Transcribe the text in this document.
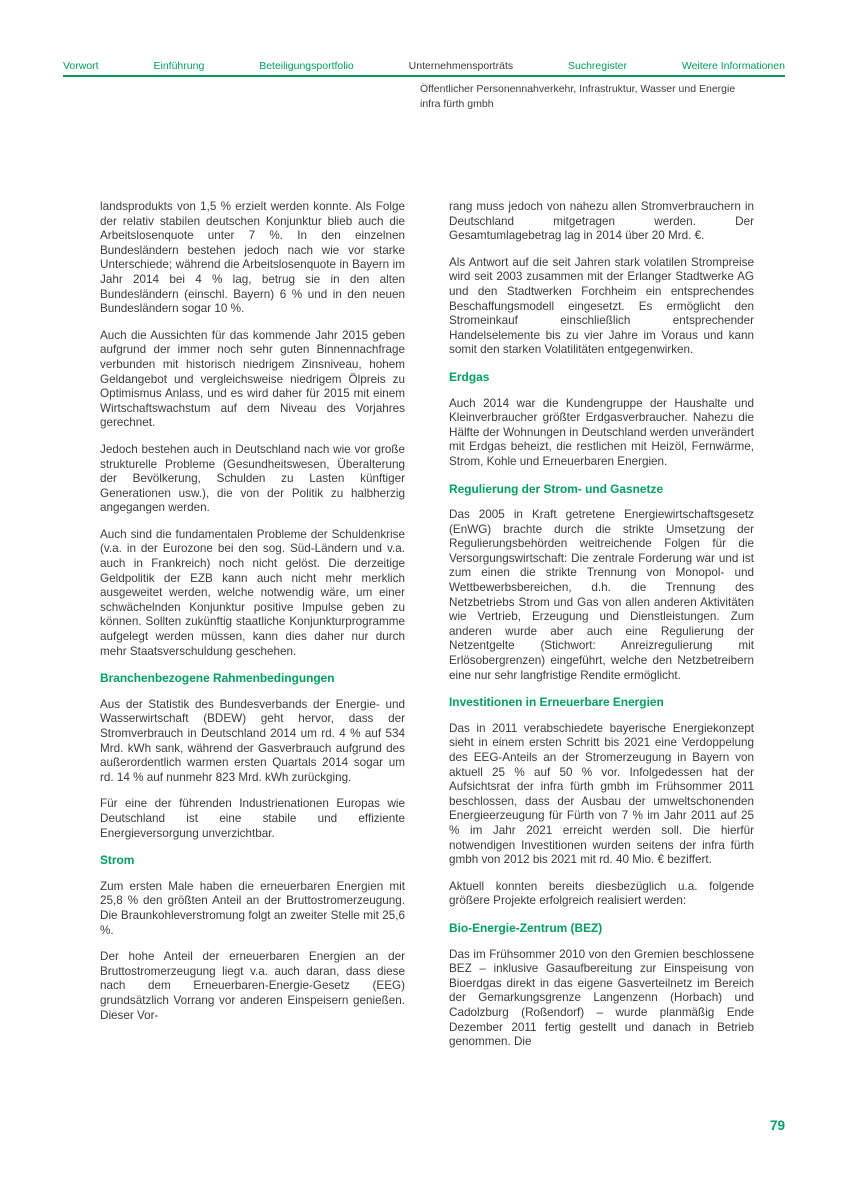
Vorwort	Einführung	Beteiligungsportfolio	Unternehmensporträts	Suchregister	Weitere Informationen
Öffentlicher Personennahverkehr, Infrastruktur, Wasser und Energie
infra fürth gmbh

landsprodukts von 1,5 % erzielt werden konnte. Als Folge der relativ stabilen deutschen Konjunktur blieb auch die Arbeitslosenquote unter 7 %. In den einzelnen Bundesländern bestehen jedoch nach wie vor starke Unterschiede; während die Arbeitslosenquote in Bayern im Jahr 2014 bei 4 % lag, betrug sie in den alten Bundesländern (einschl. Bayern) 6 % und in den neuen Bundesländern sogar 10 %.

Auch die Aussichten für das kommende Jahr 2015 geben aufgrund der immer noch sehr guten Binnennachfrage verbunden mit historisch niedrigem Zinsniveau, hohem Geldangebot und vergleichsweise niedrigem Ölpreis zu Optimismus Anlass, und es wird daher für 2015 mit einem Wirtschaftswachstum auf dem Niveau des Vorjahres gerechnet.

Jedoch bestehen auch in Deutschland nach wie vor große strukturelle Probleme (Gesundheitswesen, Überalterung der Bevölkerung, Schulden zu Lasten künftiger Generationen usw.), die von der Politik zu halbherzig angegangen werden.

Auch sind die fundamentalen Probleme der Schuldenkrise (v.a. in der Eurozone bei den sog. Süd-Ländern und v.a. auch in Frankreich) noch nicht gelöst. Die derzeitige Geldpolitik der EZB kann auch nicht mehr merklich ausgeweitet werden, welche notwendig wäre, um einer schwächelnden Konjunktur positive Impulse geben zu können. Sollten zukünftig staatliche Konjunkturprogramme aufgelegt werden müssen, kann dies daher nur durch mehr Staatsverschuldung geschehen.

Branchenbezogene Rahmenbedingungen

Aus der Statistik des Bundesverbands der Energie- und Wasserwirtschaft (BDEW) geht hervor, dass der Stromverbrauch in Deutschland 2014 um rd. 4 % auf 534 Mrd. kWh sank, während der Gasverbrauch aufgrund des außerordentlich warmen ersten Quartals 2014 sogar um rd. 14 % auf nunmehr 823 Mrd. kWh zurückging.

Für eine der führenden Industrienationen Europas wie Deutschland ist eine stabile und effiziente Energieversorgung unverzichtbar.

Strom

Zum ersten Male haben die erneuerbaren Energien mit 25,8 % den größten Anteil an der Bruttostromerzeugung. Die Braunkohleverstromung folgt an zweiter Stelle mit 25,6 %.

Der hohe Anteil der erneuerbaren Energien an der Bruttostromerzeugung liegt v.a. auch daran, dass diese nach dem Erneuerbaren-Energie-Gesetz (EEG) grundsätzlich Vorrang vor anderen Einspeisern genießen. Dieser Vor-

rang muss jedoch von nahezu allen Stromverbrauchern in Deutschland mitgetragen werden. Der Gesamtumlagebetrag lag in 2014 über 20 Mrd. €.

Als Antwort auf die seit Jahren stark volatilen Strompreise wird seit 2003 zusammen mit der Erlanger Stadtwerke AG und den Stadtwerken Forchheim ein entsprechendes Beschaffungsmodell eingesetzt. Es ermöglicht den Stromeinkauf einschließlich entsprechender Handelselemente bis zu vier Jahre im Voraus und kann somit den starken Volatilitäten entgegenwirken.

Erdgas

Auch 2014 war die Kundengruppe der Haushalte und Kleinverbraucher größter Erdgasverbraucher. Nahezu die Hälfte der Wohnungen in Deutschland werden unverändert mit Erdgas beheizt, die restlichen mit Heizöl, Fernwärme, Strom, Kohle und Erneuerbaren Energien.

Regulierung der Strom- und Gasnetze

Das 2005 in Kraft getretene Energiewirtschaftsgesetz (EnWG) brachte durch die strikte Umsetzung der Regulierungsbehörden weitreichende Folgen für die Versorgungswirtschaft: Die zentrale Forderung war und ist zum einen die strikte Trennung von Monopol- und Wettbewerbsbereichen, d.h. die Trennung des Netzbetriebs Strom und Gas von allen anderen Aktivitäten wie Vertrieb, Erzeugung und Dienstleistungen. Zum anderen wurde aber auch eine Regulierung der Netzentgelte (Stichwort: Anreizregulierung mit Erlösobergrenzen) eingeführt, welche den Netzbetreibern eine nur sehr langfristige Rendite ermöglicht.

Investitionen in Erneuerbare Energien

Das in 2011 verabschiedete bayerische Energiekonzept sieht in einem ersten Schritt bis 2021 eine Verdoppelung des EEG-Anteils an der Stromerzeugung in Bayern von aktuell 25 % auf 50 % vor. Infolgedessen hat der Aufsichtsrat der infra fürth gmbh im Frühsommer 2011 beschlossen, dass der Ausbau der umweltschonenden Energieerzeugung für Fürth von 7 % im Jahr 2011 auf 25 % im Jahr 2021 erreicht werden soll. Die hierfür notwendigen Investitionen wurden seitens der infra fürth gmbh von 2012 bis 2021 mit rd. 40 Mio. € beziffert.

Aktuell konnten bereits diesbezüglich u.a. folgende größere Projekte erfolgreich realisiert werden:

Bio-Energie-Zentrum (BEZ)

Das im Frühsommer 2010 von den Gremien beschlossene BEZ – inklusive Gasaufbereitung zur Einspeisung von Bioerdgas direkt in das eigene Gasverteilnetz im Bereich der Gemarkungsgrenze Langenzenn (Horbach) und Cadolzburg (Roßendorf) – wurde planmäßig Ende Dezember 2011 fertig gestellt und danach in Betrieb genommen. Die

79
